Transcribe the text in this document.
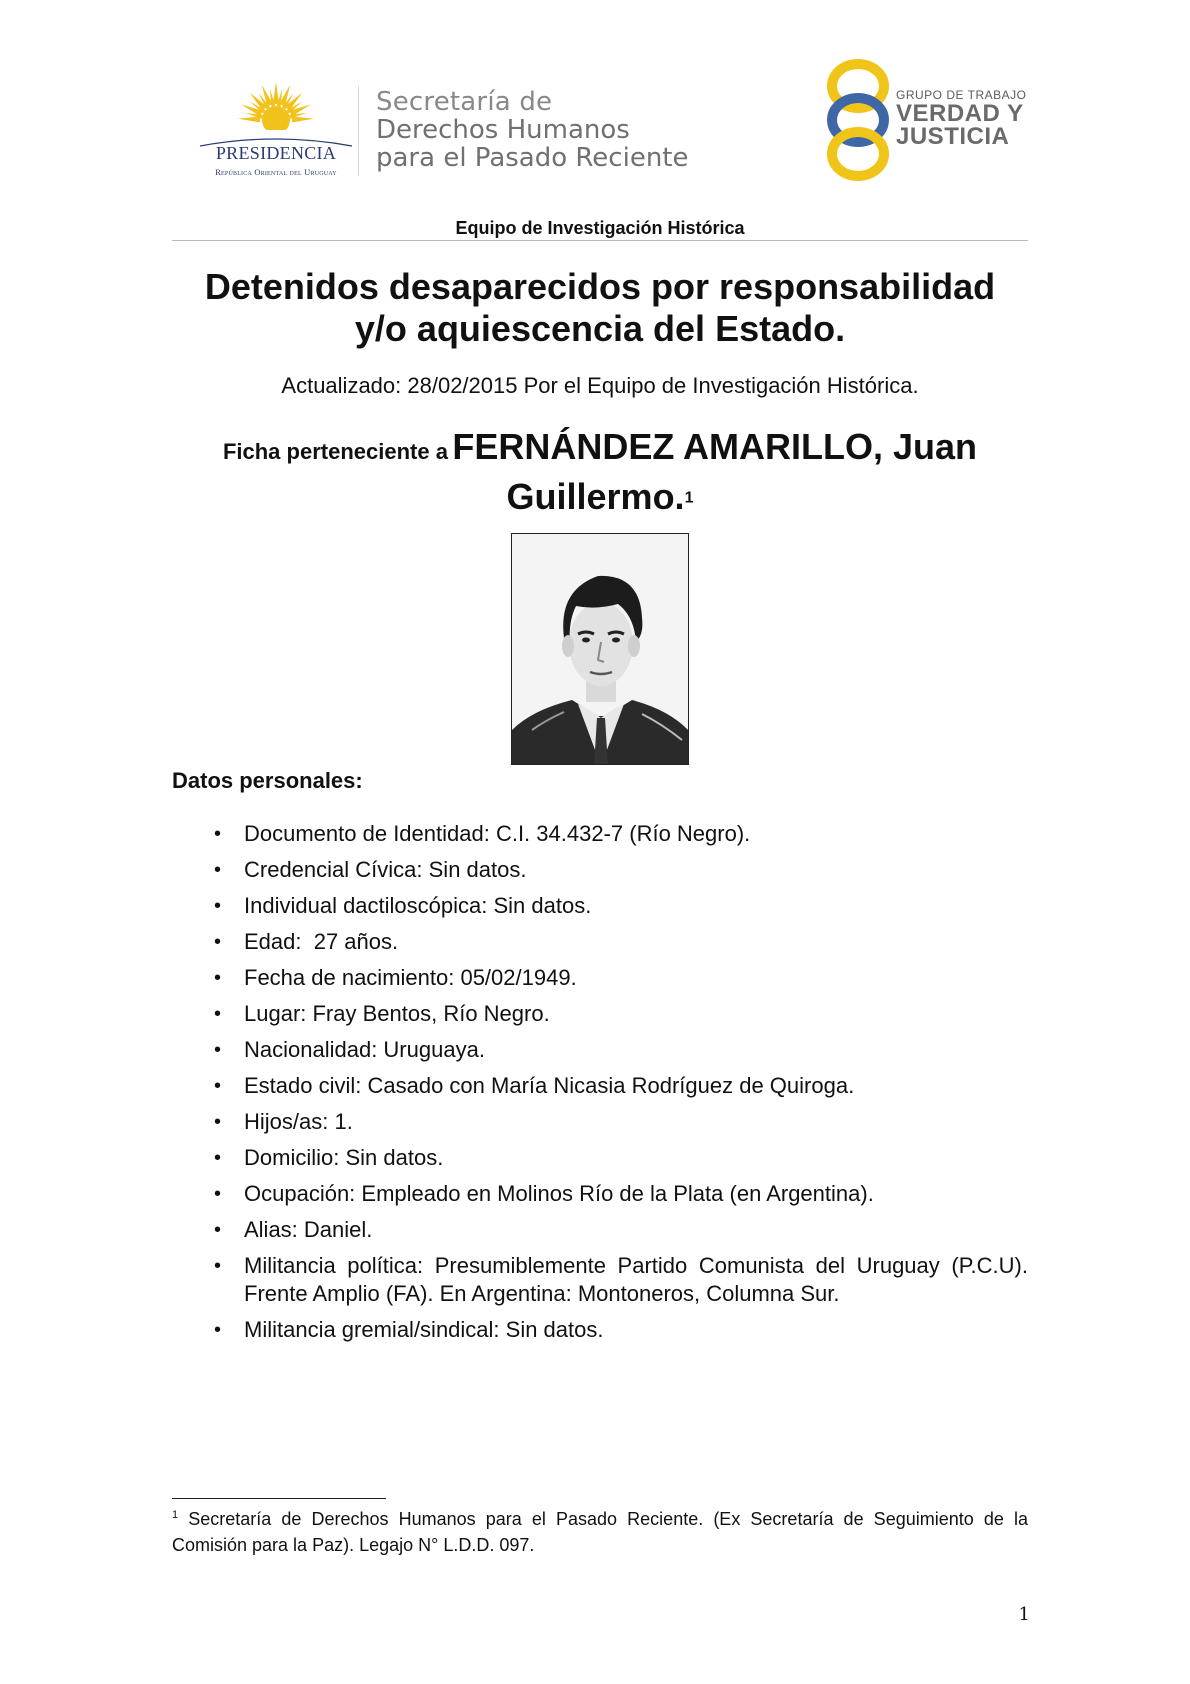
PRESIDENCIA
República Oriental del Uruguay
Secretaría de
Derechos Humanos
para el Pasado Reciente
GRUPO DE TRABAJO
VERDAD Y
JUSTICIA
Equipo de Investigación Histórica
Detenidos desaparecidos por responsabilidad
y/o aquiescencia del Estado.
Actualizado: 28/02/2015 Por el Equipo de Investigación Histórica.
Ficha perteneciente a FERNÁNDEZ AMARILLO, Juan
Guillermo.$^1$
Datos personales:
• Documento de Identidad: C.I. 34.432-7 (Río Negro).
• Credencial Cívica: Sin datos.
• Individual dactiloscópica: Sin datos.
• Edad:  27 años.
• Fecha de nacimiento: 05/02/1949.
• Lugar: Fray Bentos, Río Negro.
• Nacionalidad: Uruguaya.
• Estado civil: Casado con María Nicasia Rodríguez de Quiroga.
• Hijos/as: 1.
• Domicilio: Sin datos.
• Ocupación: Empleado en Molinos Río de la Plata (en Argentina).
• Alias: Daniel.
• Militancia política: Presumiblemente Partido Comunista del Uruguay (P.C.U). Frente Amplio (FA). En Argentina: Montoneros, Columna Sur.
• Militancia gremial/sindical: Sin datos.
$^1$ Secretaría de Derechos Humanos para el Pasado Reciente. (Ex Secretaría de Seguimiento de la Comisión para la Paz). Legajo N° L.D.D. 097.
1
